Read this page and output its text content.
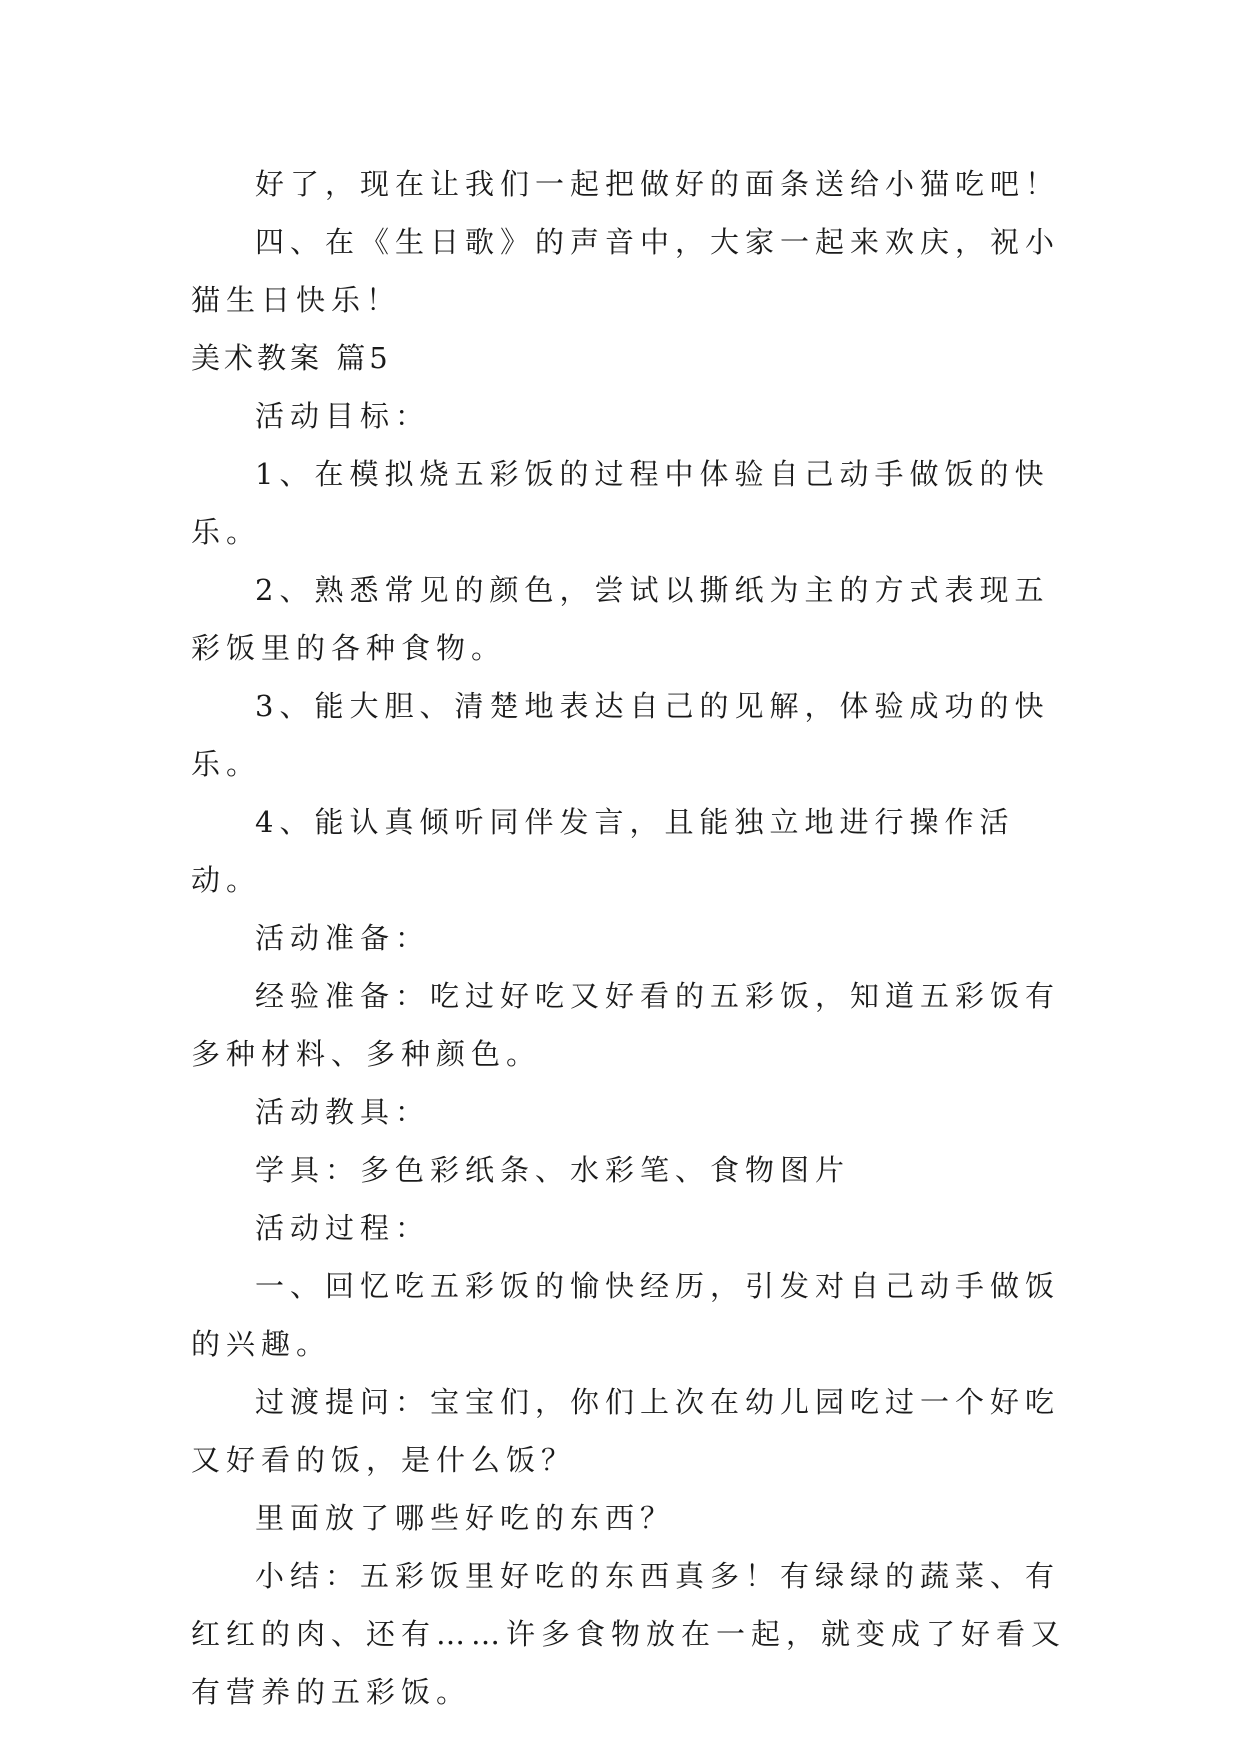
好了，现在让我们一起把做好的面条送给小猫吃吧！

四、在《生日歌》的声音中，大家一起来欢庆，祝小猫生日快乐！

美术教案 篇5

活动目标：

1、在模拟烧五彩饭的过程中体验自己动手做饭的快乐。

2、熟悉常见的颜色，尝试以撕纸为主的方式表现五彩饭里的各种食物。

3、能大胆、清楚地表达自己的见解，体验成功的快乐。

4、能认真倾听同伴发言，且能独立地进行操作活动。

活动准备：

经验准备：吃过好吃又好看的五彩饭，知道五彩饭有多种材料、多种颜色。

活动教具：

学具：多色彩纸条、水彩笔、食物图片

活动过程：

一、回忆吃五彩饭的愉快经历，引发对自己动手做饭的兴趣。

过渡提问：宝宝们，你们上次在幼儿园吃过一个好吃又好看的饭，是什么饭？

里面放了哪些好吃的东西？

小结：五彩饭里好吃的东西真多！有绿绿的蔬菜、有红红的肉、还有……许多食物放在一起，就变成了好看又有营养的五彩饭。
